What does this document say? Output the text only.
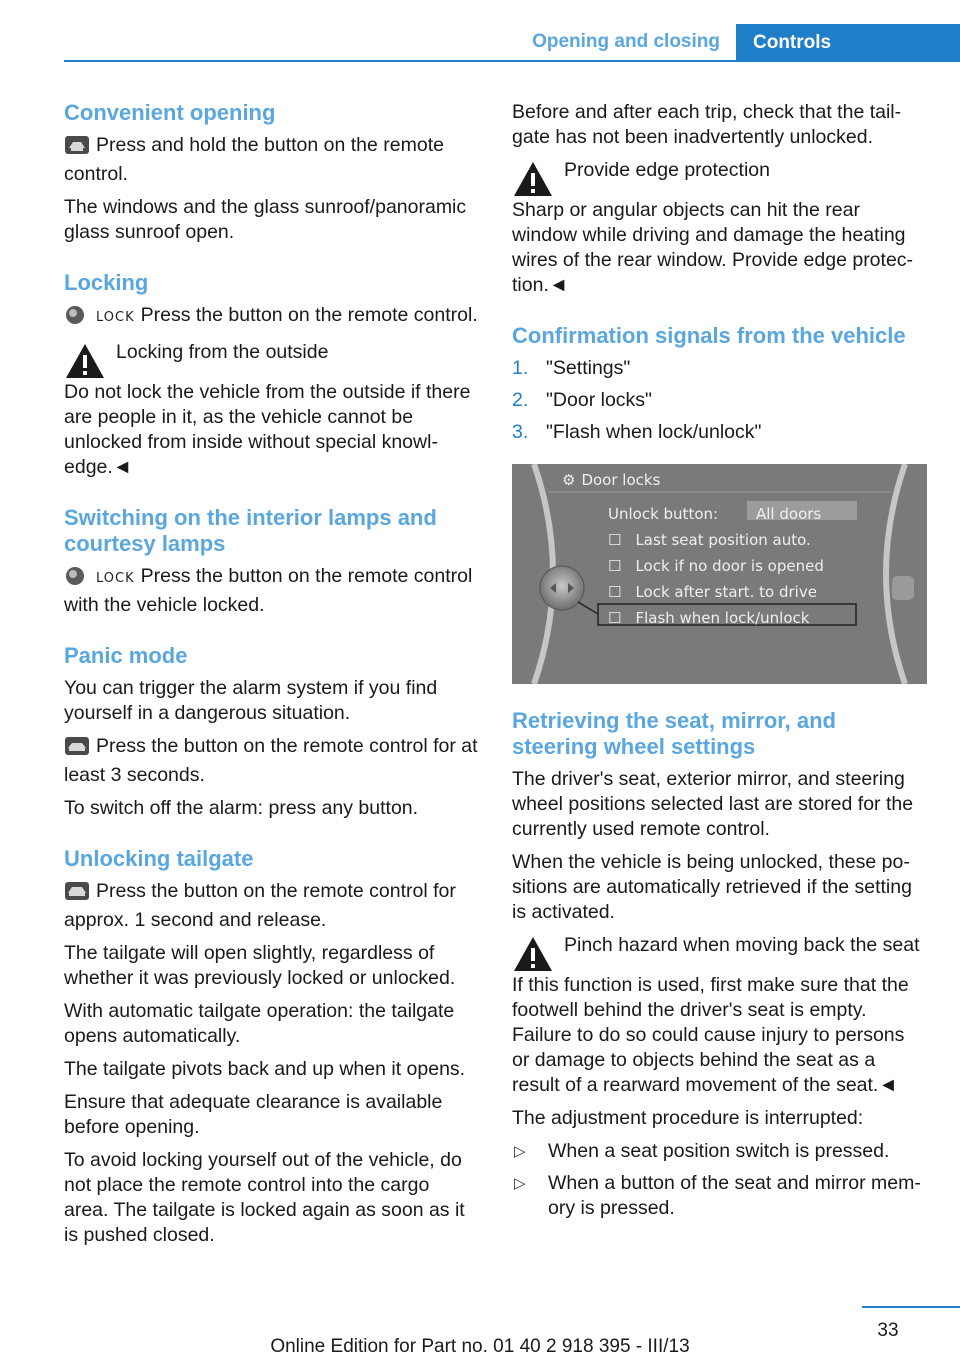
Opening and closing	Controls
Convenient opening

Press and hold the button on the remote control.

The windows and the glass sunroof/panoramic glass sunroof open.

Locking

LOCK Press the button on the remote control.

Locking from the outside
Do not lock the vehicle from the outside if there are people in it, as the vehicle cannot be unlocked from inside without special knowledge.◄
Switching on the interior lamps and courtesy lamps

LOCK Press the button on the remote control with the vehicle locked.

Panic mode

You can trigger the alarm system if you find yourself in a dangerous situation.

Press the button on the remote control for at least 3 seconds.

To switch off the alarm: press any button.

Unlocking tailgate

Press the button on the remote control for approx. 1 second and release.

The tailgate will open slightly, regardless of whether it was previously locked or unlocked.

With automatic tailgate operation: the tailgate opens automatically.

The tailgate pivots back and up when it opens.

Ensure that adequate clearance is available before opening.

To avoid locking yourself out of the vehicle, do not place the remote control into the cargo area. The tailgate is locked again as soon as it is pushed closed.

Before and after each trip, check that the tailgate has not been inadvertently unlocked.

Provide edge protection
Sharp or angular objects can hit the rear window while driving and damage the heating wires of the rear window. Provide edge protection.◄
Confirmation signals from the vehicle
1. "Settings"
2. "Door locks"
3. "Flash when lock/unlock"
⚙ Door locks
Unlock button:	All doors
☐ Last seat position auto.
☐ Lock if no door is opened
☐ Lock after start. to drive
☐ Flash when lock/unlock
Retrieving the seat, mirror, and steering wheel settings

The driver's seat, exterior mirror, and steering wheel positions selected last are stored for the currently used remote control.

When the vehicle is being unlocked, these positions are automatically retrieved if the setting is activated.

Pinch hazard when moving back the seat
If this function is used, first make sure that the footwell behind the driver's seat is empty. Failure to do so could cause injury to persons or damage to objects behind the seat as a result of a rearward movement of the seat.◄

The adjustment procedure is interrupted:

▷	When a seat position switch is pressed.
▷	When a button of the seat and mirror memory is pressed.
33
Online Edition for Part no. 01 40 2 918 395 - III/13
